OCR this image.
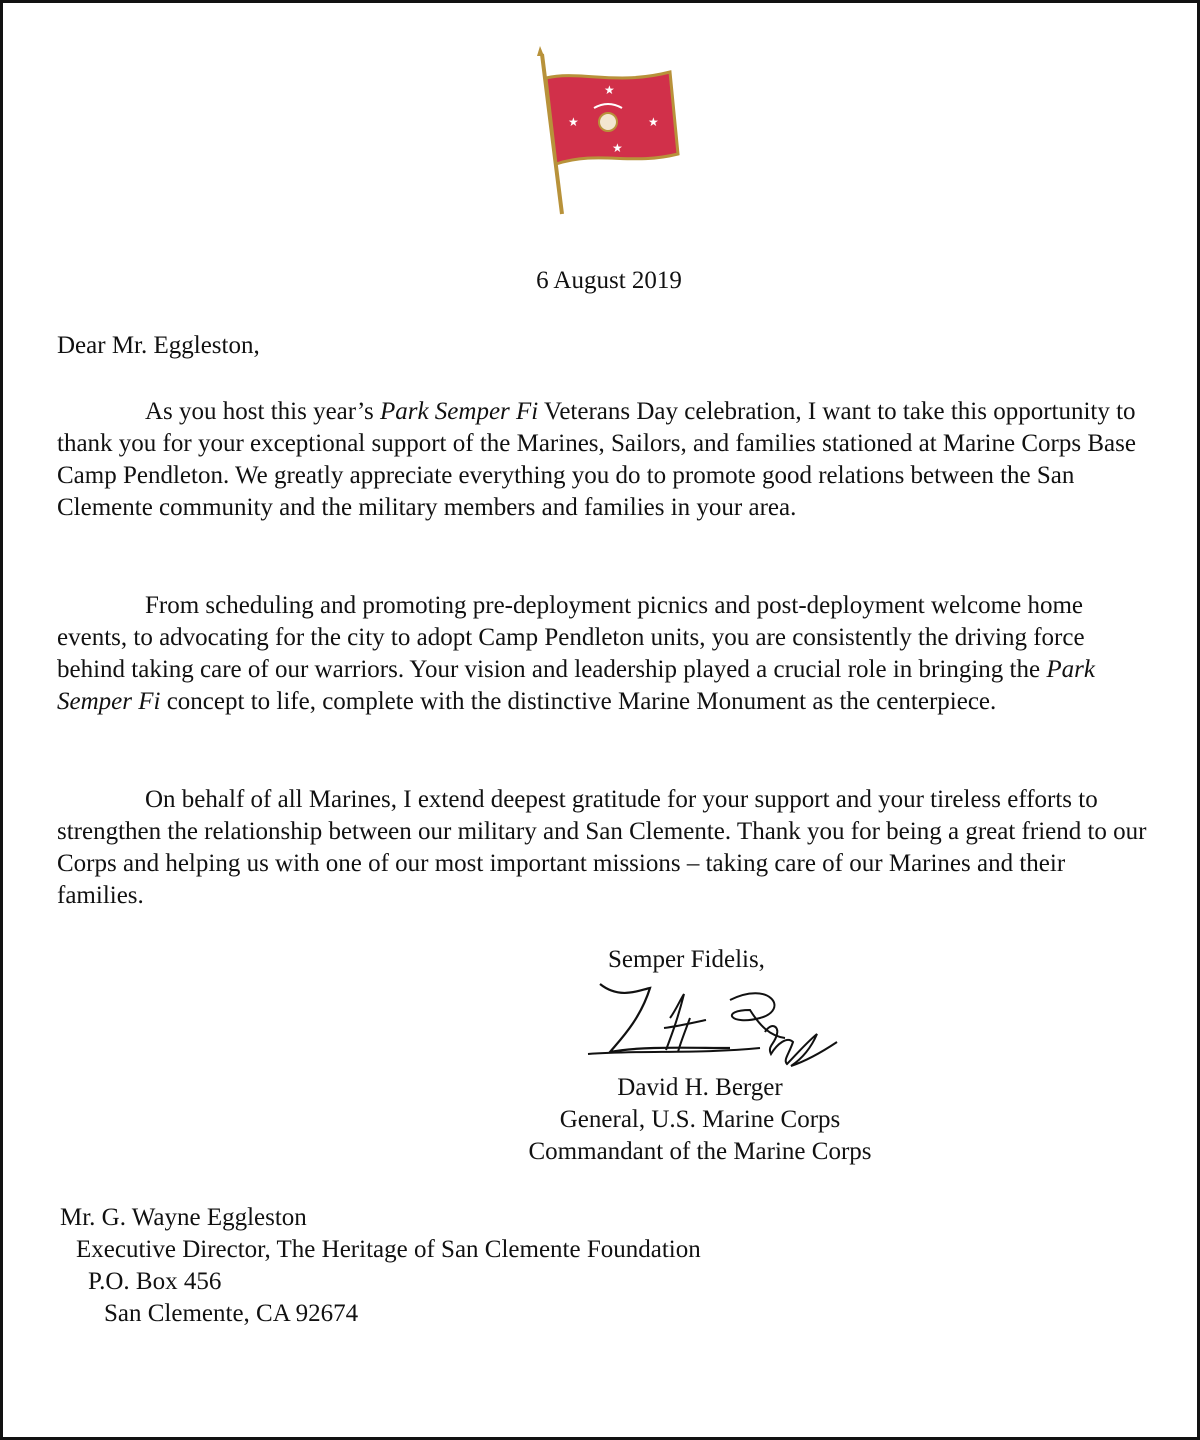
★
★	★
★
6 August 2019
Dear Mr. Eggleston,

As you host this year’s Park Semper Fi Veterans Day celebration, I want to take this opportunity to thank you for your exceptional support of the Marines, Sailors, and families stationed at Marine Corps Base Camp Pendleton. We greatly appreciate everything you do to promote good relations between the San Clemente community and the military members and families in your area.

From scheduling and promoting pre-deployment picnics and post-deployment welcome home events, to advocating for the city to adopt Camp Pendleton units, you are consistently the driving force behind taking care of our warriors. Your vision and leadership played a crucial role in bringing the Park Semper Fi concept to life, complete with the distinctive Marine Monument as the centerpiece.

On behalf of all Marines, I extend deepest gratitude for your support and your tireless efforts to strengthen the relationship between our military and San Clemente. Thank you for being a great friend to our Corps and helping us with one of our most important missions – taking care of our Marines and their families.

Semper Fidelis,
David H. Berger
General, U.S. Marine Corps
Commandant of the Marine Corps
Mr. G. Wayne Eggleston
Executive Director, The Heritage of San Clemente Foundation
P.O. Box 456
San Clemente, CA 92674
